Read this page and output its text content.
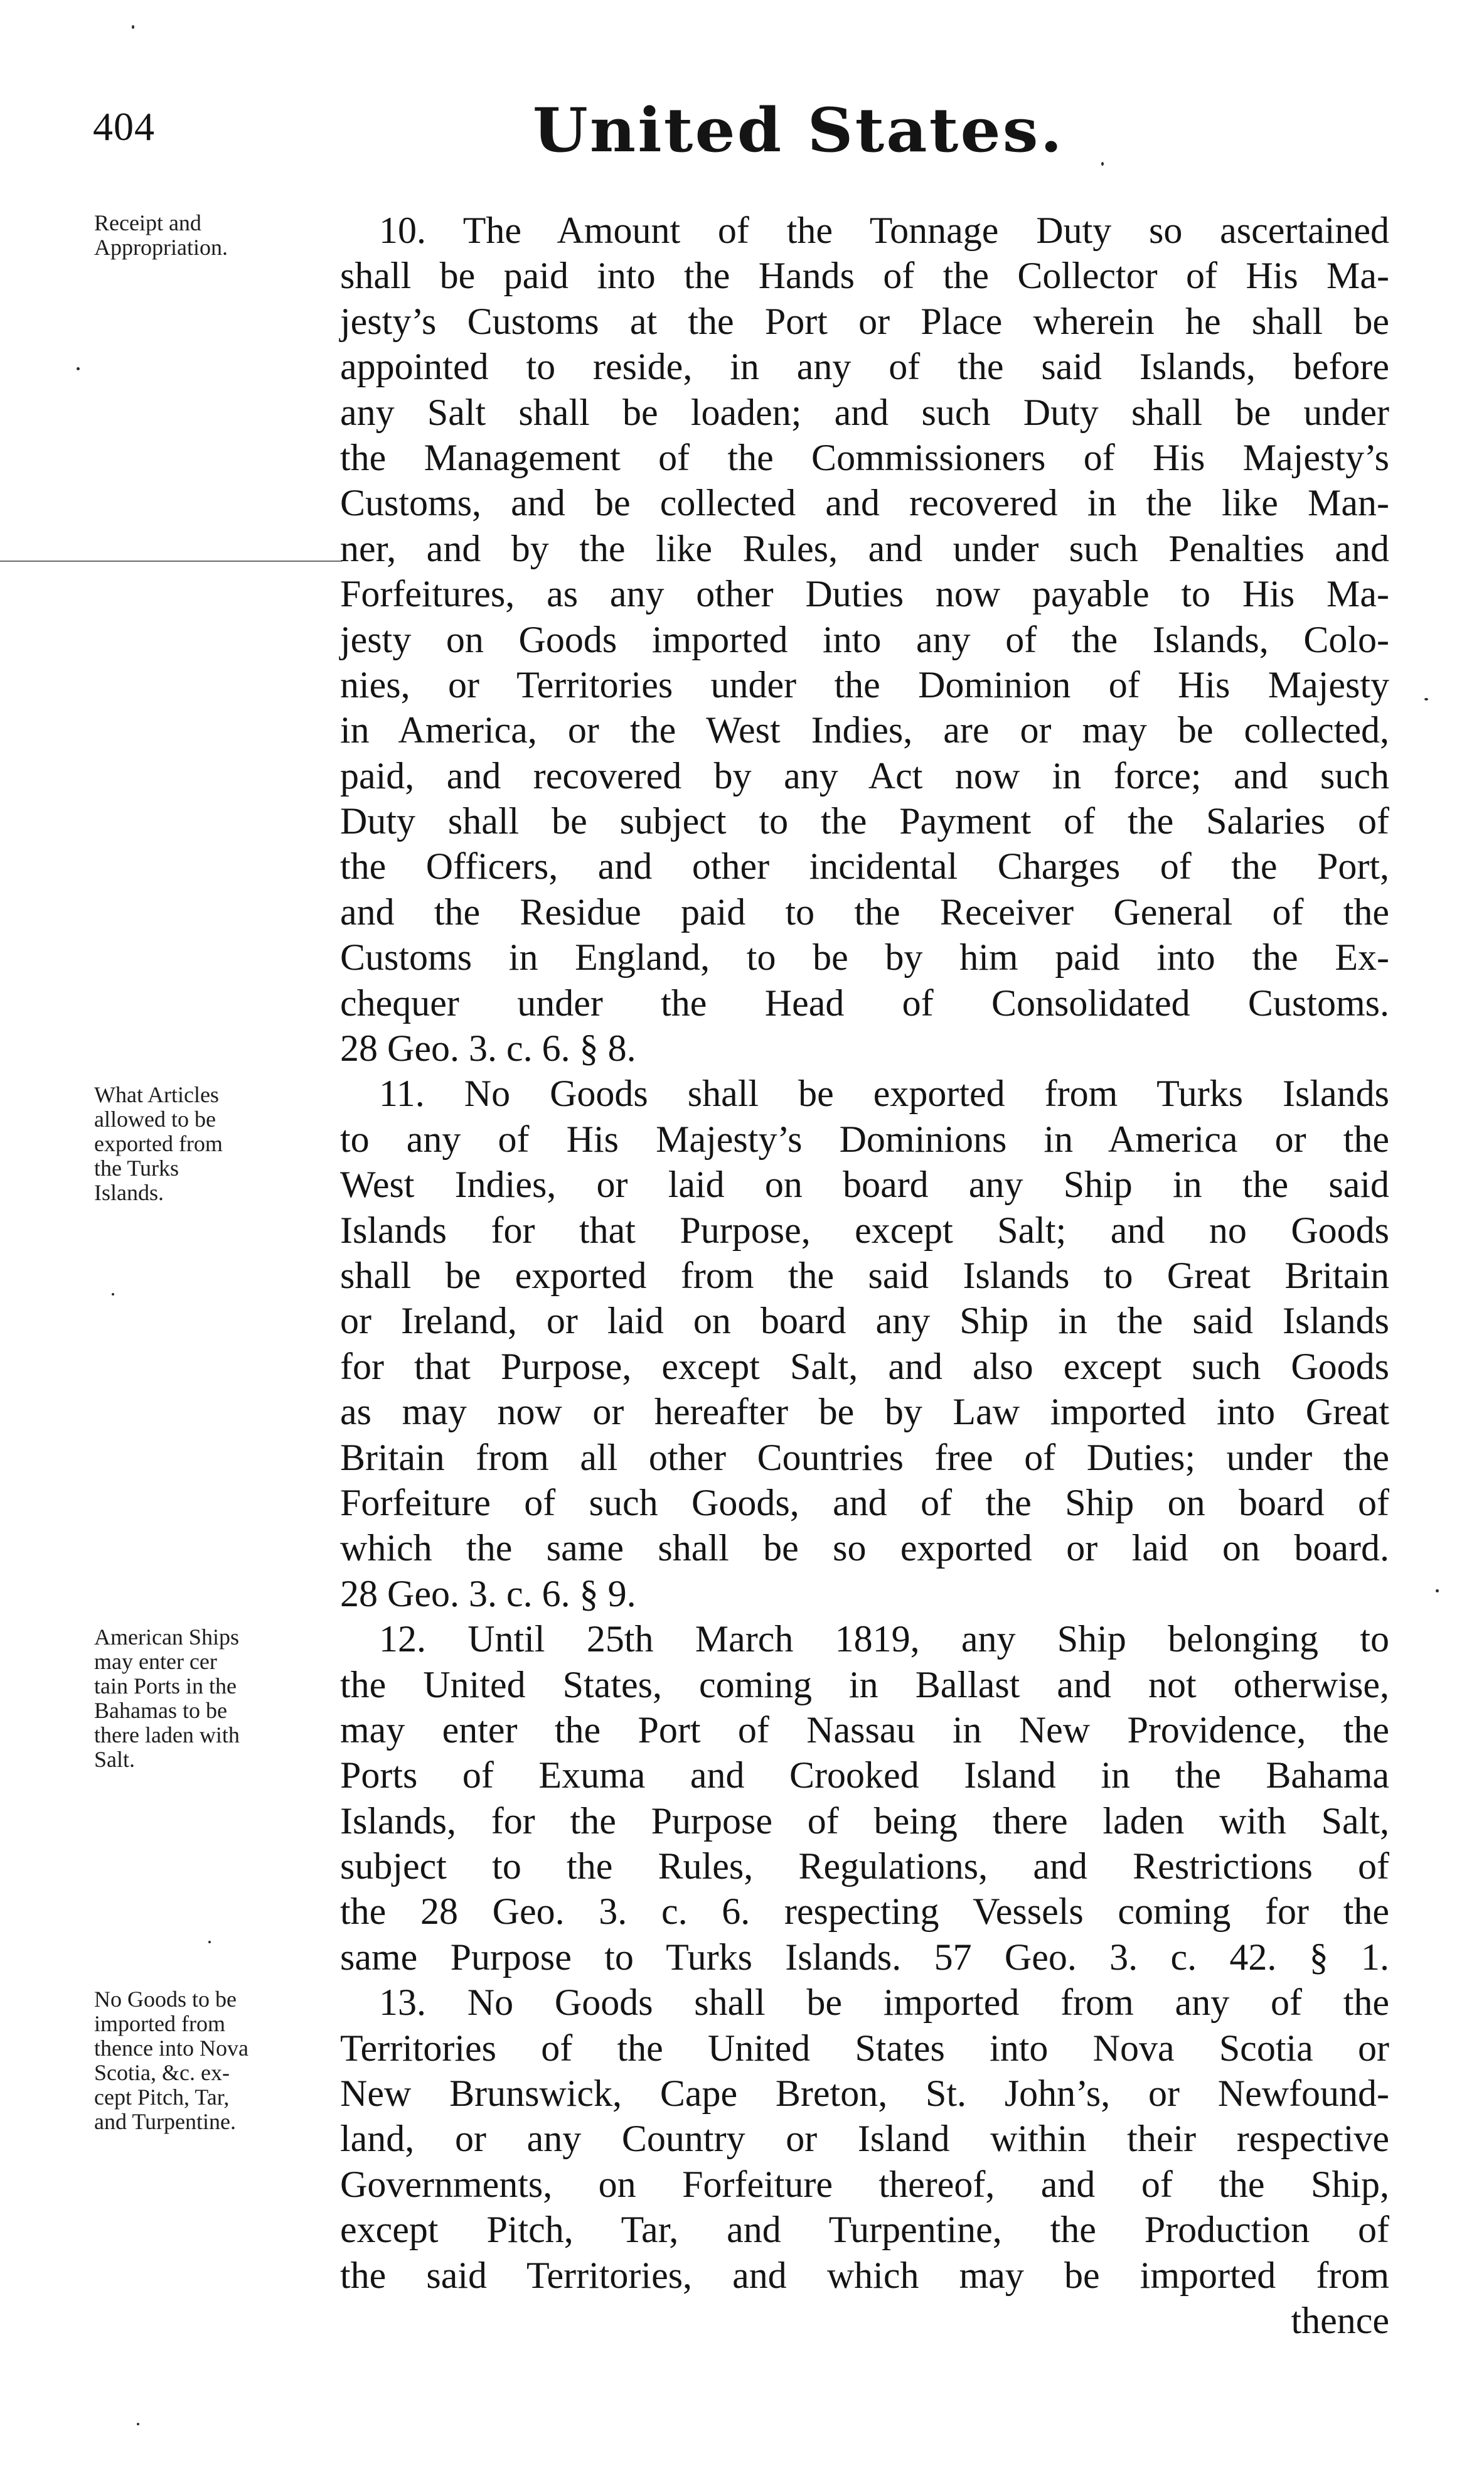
404	United States.
Receipt and
Appropriation.
What Articles
allowed to be
exported from
the Turks
Islands.
American Ships
may enter cer
tain Ports in the
Bahamas to be
there laden with
Salt.
No Goods to be
imported from
thence into Nova
Scotia, &c. ex-
cept Pitch, Tar,
and Turpentine.
10. The Amount of the Tonnage Duty so ascertained
shall be paid into the Hands of the Collector of His Ma-
jesty’s Customs at the Port or Place wherein he shall be
appointed to reside, in any of the said Islands, before
any Salt shall be loaden; and such Duty shall be under
the Management of the Commissioners of His Majesty’s
Customs, and be collected and recovered in the like Man-
ner, and by the like Rules, and under such Penalties and
Forfeitures, as any other Duties now payable to His Ma-
jesty on Goods imported into any of the Islands, Colo-
nies, or Territories under the Dominion of His Majesty
in America, or the West Indies, are or may be collected,
paid, and recovered by any Act now in force; and such
Duty shall be subject to the Payment of the Salaries of
the Officers, and other incidental Charges of the Port,
and the Residue paid to the Receiver General of the
Customs in England, to be by him paid into the Ex-
chequer under the Head of Consolidated Customs.
28 Geo. 3. c. 6. § 8.
11. No Goods shall be exported from Turks Islands
to any of His Majesty’s Dominions in America or the
West Indies, or laid on board any Ship in the said
Islands for that Purpose, except Salt; and no Goods
shall be exported from the said Islands to Great Britain
or Ireland, or laid on board any Ship in the said Islands
for that Purpose, except Salt, and also except such Goods
as may now or hereafter be by Law imported into Great
Britain from all other Countries free of Duties; under the
Forfeiture of such Goods, and of the Ship on board of
which the same shall be so exported or laid on board.
28 Geo. 3. c. 6. § 9.
12. Until 25th March 1819, any Ship belonging to
the United States, coming in Ballast and not otherwise,
may enter the Port of Nassau in New Providence, the
Ports of Exuma and Crooked Island in the Bahama
Islands, for the Purpose of being there laden with Salt,
subject to the Rules, Regulations, and Restrictions of
the 28 Geo. 3. c. 6. respecting Vessels coming for the
same Purpose to Turks Islands. 57 Geo. 3. c. 42. § 1.
13. No Goods shall be imported from any of the
Territories of the United States into Nova Scotia or
New Brunswick, Cape Breton, St. John’s, or Newfound-
land, or any Country or Island within their respective
Governments, on Forfeiture thereof, and of the Ship,
except Pitch, Tar, and Turpentine, the Production of
the said Territories, and which may be imported from
thence
